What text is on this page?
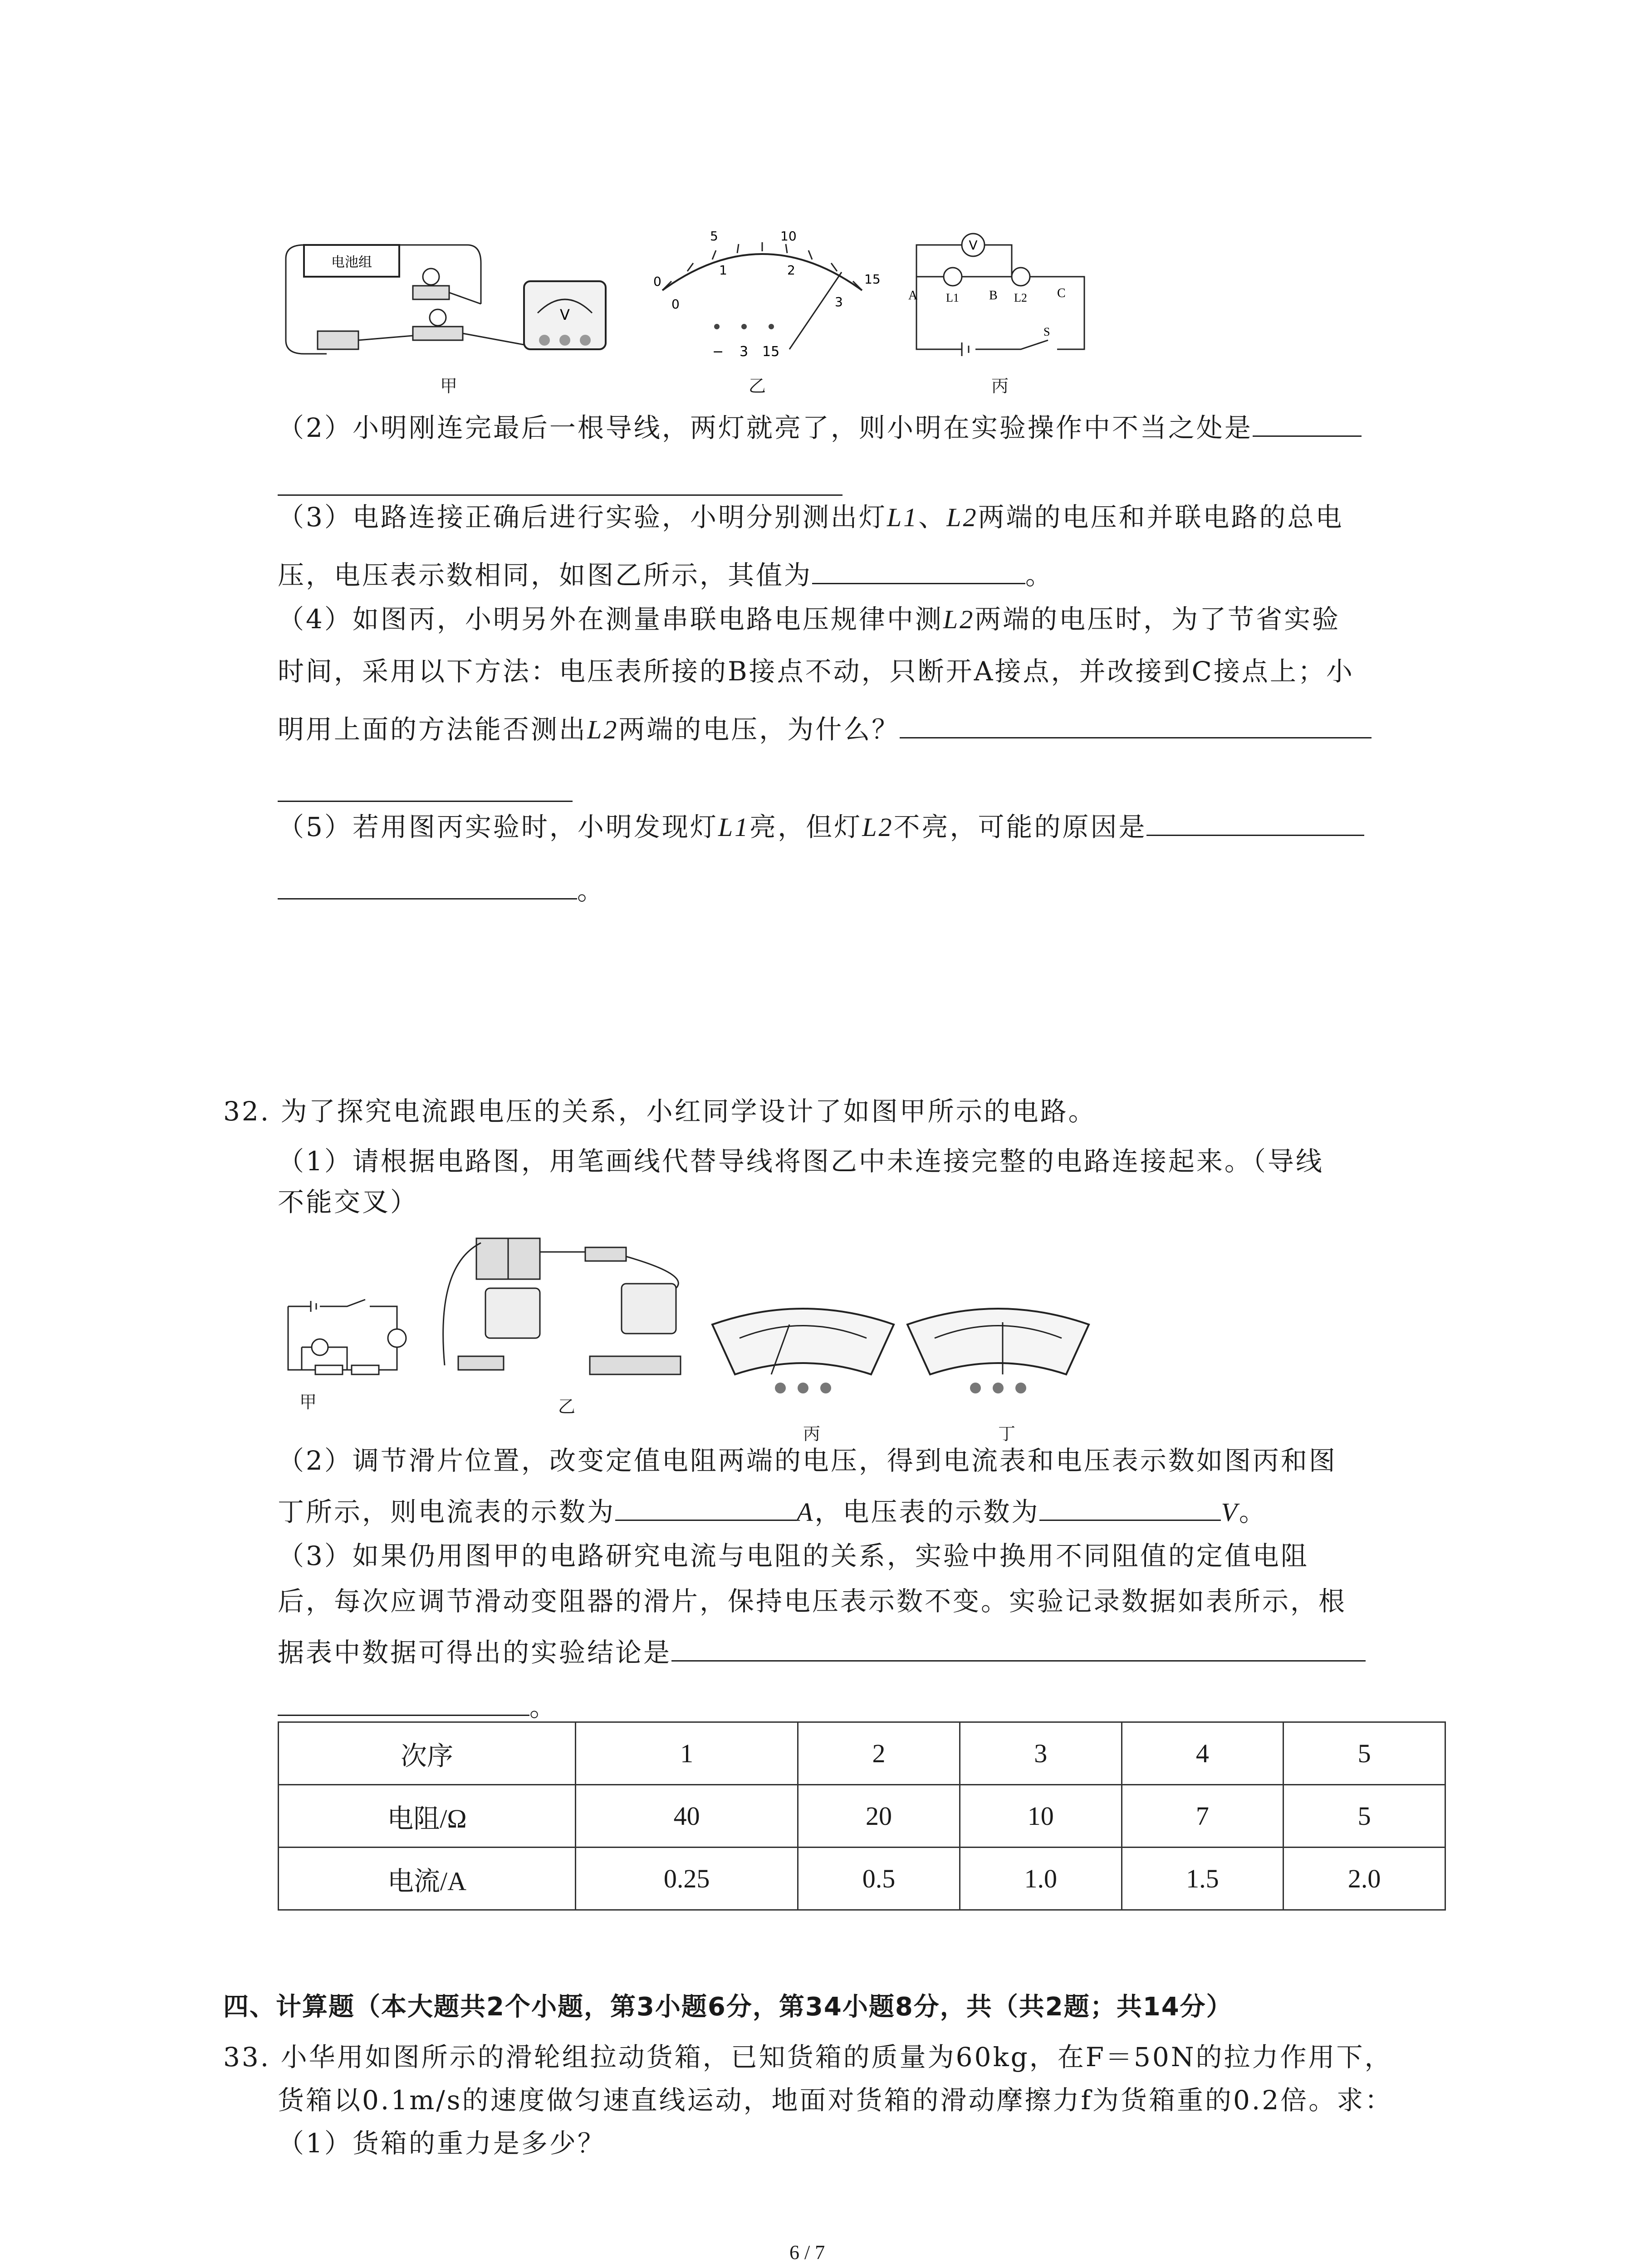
电池组
V
甲
0
5	10
15
0
1	2
3
− 3 15
乙
V
A L1 B L2 C
S
丙
（2）小明刚连完最后一根导线，两灯就亮了，则小明在实验操作中不当之处是
（3）电路连接正确后进行实验，小明分别测出灯L1、L2两端的电压和并联电路的总电
压，电压表示数相同，如图乙所示，其值为	。
（4）如图丙，小明另外在测量串联电路电压规律中测L2两端的电压时，为了节省实验
时间，采用以下方法：电压表所接的B接点不动，只断开A接点，并改接到C接点上；小
明用上面的方法能否测出L2两端的电压，为什么？
（5）若用图丙实验时，小明发现灯L1亮，但灯L2不亮，可能的原因是
。
32. 为了探究电流跟电压的关系，小红同学设计了如图甲所示的电路。
（1）请根据电路图，用笔画线代替导线将图乙中未连接完整的电路连接起来。（导线
不能交叉）
甲	乙
丙	丁
（2）调节滑片位置，改变定值电阻两端的电压，得到电流表和电压表示数如图丙和图
丁所示，则电流表的示数为	A，电压表的示数为	V。
（3）如果仍用图甲的电路研究电流与电阻的关系，实验中换用不同阻值的定值电阻
后，每次应调节滑动变阻器的滑片，保持电压表示数不变。实验记录数据如表所示，根
据表中数据可得出的实验结论是
。
次序	1	2	3	4	5
电阻/Ω	40	20	10	7	5
电流/A	0.25	0.5	1.0	1.5	2.0
四、计算题（本大题共2个小题，第3小题6分，第34小题8分，共（共2题；共14分）
33. 小华用如图所示的滑轮组拉动货箱，已知货箱的质量为60kg，在F＝50N的拉力作用下，
货箱以0.1m/s的速度做匀速直线运动，地面对货箱的滑动摩擦力f为货箱重的0.2倍。求：
（1）货箱的重力是多少？
6 / 7
